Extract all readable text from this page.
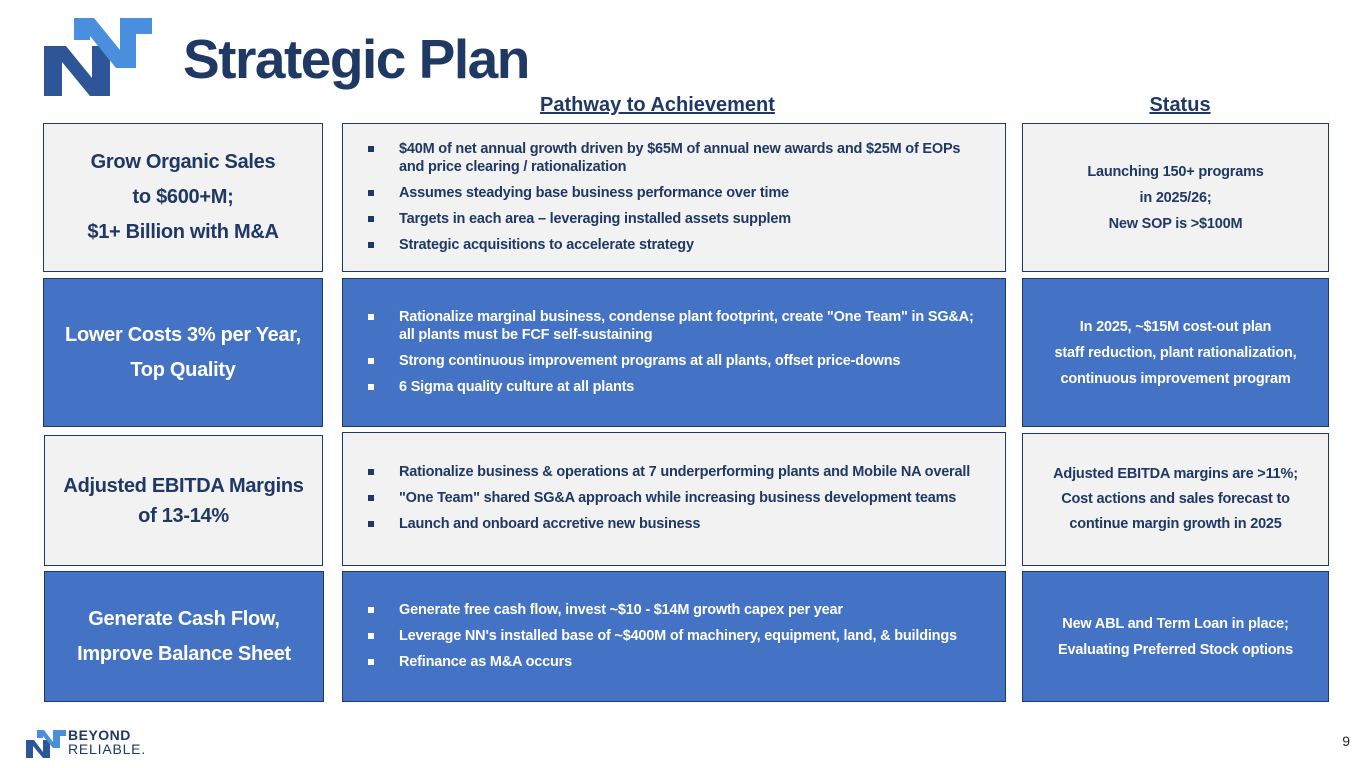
Strategic Plan
Pathway to Achievement	Status
Grow Organic Sales
to $600+M;
$1+ Billion with M&A
$40M of net annual growth driven by $65M of annual new awards and $25M of EOPs and price clearing / rationalization
Assumes steadying base business performance over time
Targets in each area – leveraging installed assets supplem
Strategic acquisitions to accelerate strategy
Launching 150+ programs
in 2025/26;
New SOP is >$100M
Lower Costs 3% per Year,
Top Quality
Rationalize marginal business, condense plant footprint, create "One Team" in SG&A; all plants must be FCF self-sustaining
Strong continuous improvement programs at all plants, offset price-downs
6 Sigma quality culture at all plants
In 2025, ~$15M cost-out plan
staff reduction, plant rationalization,
continuous improvement program
Adjusted EBITDA Margins
of 13-14%
Rationalize business & operations at 7 underperforming plants and Mobile NA overall
"One Team" shared SG&A approach while increasing business development teams
Launch and onboard accretive new business
Adjusted EBITDA margins are >11%;
Cost actions and sales forecast to
continue margin growth in 2025
Generate Cash Flow,
Improve Balance Sheet
Generate free cash flow, invest ~$10 - $14M growth capex per year
Leverage NN's installed base of ~$400M of machinery, equipment, land, & buildings
Refinance as M&A occurs
New ABL and Term Loan in place;
Evaluating Preferred Stock options
BEYOND
RELIABLE.	9
